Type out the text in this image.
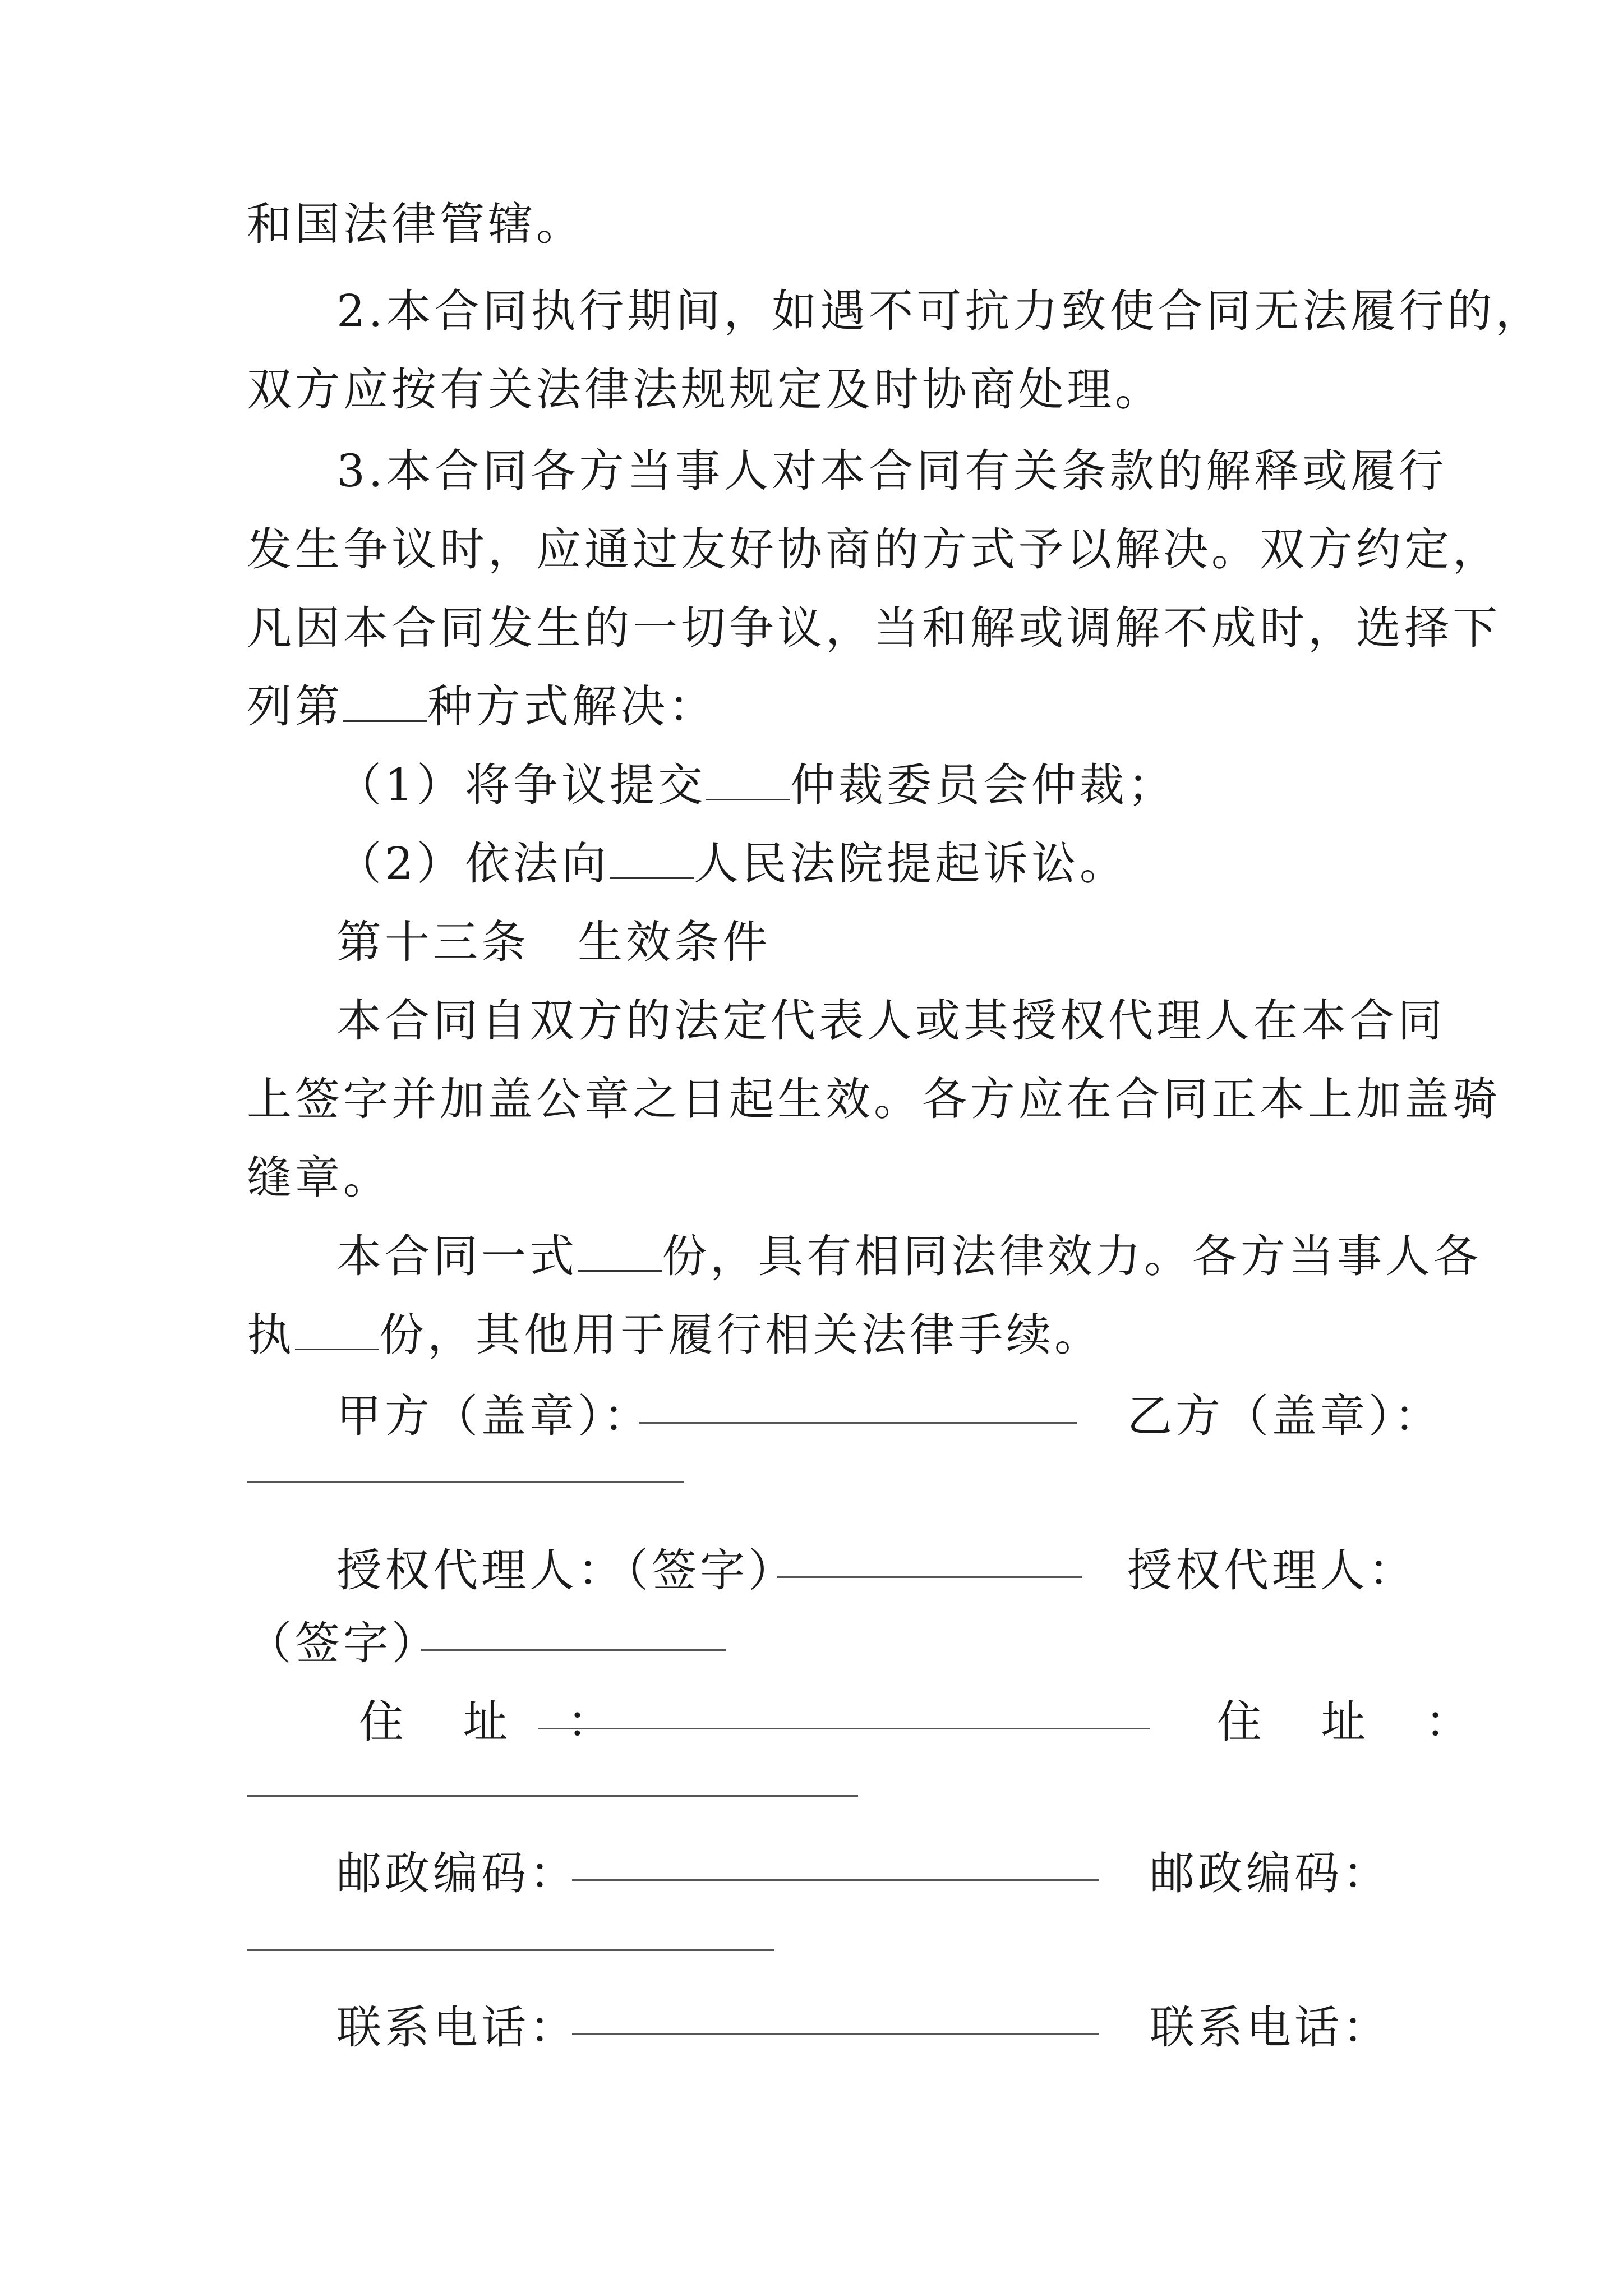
和国法律管辖。
2.本合同执行期间，如遇不可抗力致使合同无法履行的，
双方应按有关法律法规规定及时协商处理。
3.本合同各方当事人对本合同有关条款的解释或履行
发生争议时，应通过友好协商的方式予以解决。双方约定，
凡因本合同发生的一切争议，当和解或调解不成时，选择下
列第 种方式解决：
（1）将争议提交 仲裁委员会仲裁；
（2）依法向 人民法院提起诉讼。
第十三条　生效条件
本合同自双方的法定代表人或其授权代理人在本合同
上签字并加盖公章之日起生效。各方应在合同正本上加盖骑
缝章。
本合同一式 份，具有相同法律效力。各方当事人各
执 份，其他用于履行相关法律手续。
甲方（盖章）：	乙方（盖章）：
授权代理人：（签字）	授权代理人：
（签字）
住 址 ：	住 址 ：
邮政编码：	邮政编码：
联系电话：	联系电话：
